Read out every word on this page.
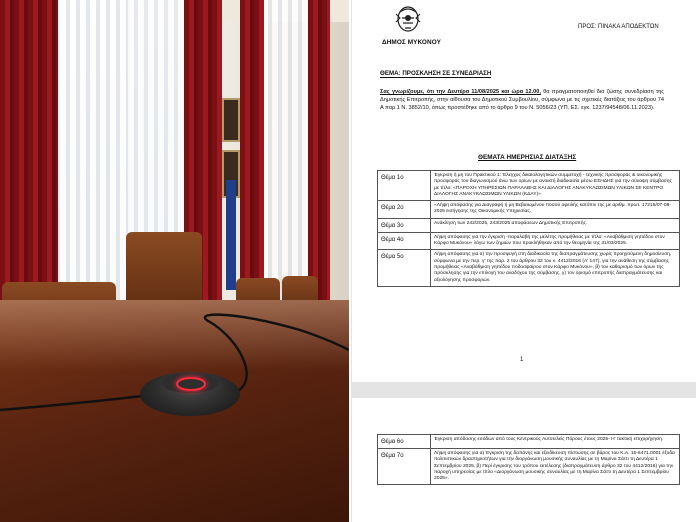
ΔΗΜΟΣ ΜΥΚΟΝΟΥ
ΠΡΟΣ: ΠΙΝΑΚΑ ΑΠΟΔΕΚΤΩΝ
ΘΕΜΑ: ΠΡΟΣΚΛΗΣΗ ΣΕ ΣΥΝΕΔΡΙΑΣΗ
Σας γνωρίζουμε, ότι την Δευτέρα 11/08/2025 και ώρα 12.00, θα πραγματοποιηθεί δια ζώσης συνεδρίαση της Δημοτικής Επιτροπής, στην αίθουσα του Δημοτικού Συμβουλίου, σύμφωνα με τις σχετικές διατάξεις του άρθρου 74 Α παρ.1 Ν. 3852/10, όπως προστέθηκε από το άρθρο 9 του Ν. 5056/23 (ΥΠ. ΕΣ. εγκ. 1237/94548/06.11.2023).
ΘΕΜΑΤΑ ΗΜΕΡΗΣΙΑΣ ΔΙΑΤΑΞΗΣ
Θέμα 1ο	Έγκριση ή μη του Πρακτικού 1: Έλεγχος δικαιολογητικών συμμετοχή - τεχνικής προσφοράς & οικονομικής προσφοράς του διαγωνισμού άνω των ορίων με ανοικτή διαδικασία μέσω ΕΣΗΔΗΣ για την σύναψη σύμβασης με τίτλο: «ΠΑΡΟΧΗ ΥΠΗΡΕΣΙΩΝ ΠΑΡΑΛΑΒΗΣ ΚΑΙ ΔΙΑΛΟΓΗΣ ΑΝΑΚΥΚΛΩΣΙΜΩΝ ΥΛΙΚΩΝ ΣΕ ΚΕΝΤΡΟ ΔΙΑΛΟΓΗΣ ΑΝΑΚΥΚΛΩΣΙΜΩΝ ΥΛΙΚΩΝ (ΚΔΑΥ)»
Θέμα 2ο	«Λήψη απόφασης για Διαγραφή ή μη Βεβαιωμένου ποσού οφειλής κατόπιν της με αριθμ. πρωτ. 17215/07-08-2025 εισήγησης της Οικονομικής Υπηρεσίας.
Θέμα 3ο	Ανάκληση των 242/2025, 243/2025 αποφάσεων Δημοτικής Επιτροπής.
Θέμα 4ο	Λήψη απόφασης για την έγκριση -παραλαβή της μελέτης προμήθειας με τίτλο: «Αναβάθμιση γηπέδου στον Κάρφο Μυκόνου» λόγω των ζημιών που προκλήθηκαν από την θεομηνία της 31/03/2025.
Θέμα 5ο	Λήψη απόφασης για α) την προσφυγή στη διαδικασία της διαπραγμάτευσης χωρίς προηγούμενη δημοσίευση, σύμφωνα με την περ. γ' της παρ. 2 του άρθρου 32 του ν. 4412/2016 (Α' 147), για την ανάθεση της σύμβασης προμήθειας «Αναβάθμιση γηπέδου ποδοσφαίρου στον Κάρφο Μυκόνου», β) τον καθορισμό των όρων της πρόσκλησης για την επιλογή του αναδόχου της σύμβασης, γ) τον ορισμό επιτροπής διαπραγμάτευσης και αξιολόγησης προσφορών.
1
Θέμα 6ο	Έγκριση απόδοσης εσόδων από τους Κεντρικούς Αυτοτελείς Πόρους έτους 2025- Η' τακτική επιχορήγηση.
Θέμα 7ο	Λήψη απόφασης για α) Έγκριση της δαπάνης και εξειδίκευση πίστωσης σε βάρος του Κ.Α. 15-6471.0001 έξοδα πολιτιστικών δραστηριοτήτων για την διοργάνωση μουσικής συναυλίας με τη Μαρίνα Σάττι τη Δευτέρα 1 Σεπτεμβρίου 2025, β) Περί έγκρισης του τρόπου εκτέλεσης (διαπραγμάτευση άρθρο 32 του 4412/2016) για την παροχή υπηρεσίας με τίτλο «Διοργάνωση μουσικής συναυλίας με τη Μαρίνα Σάττι τη Δευτέρα 1 Σεπτεμβρίου 2025».
